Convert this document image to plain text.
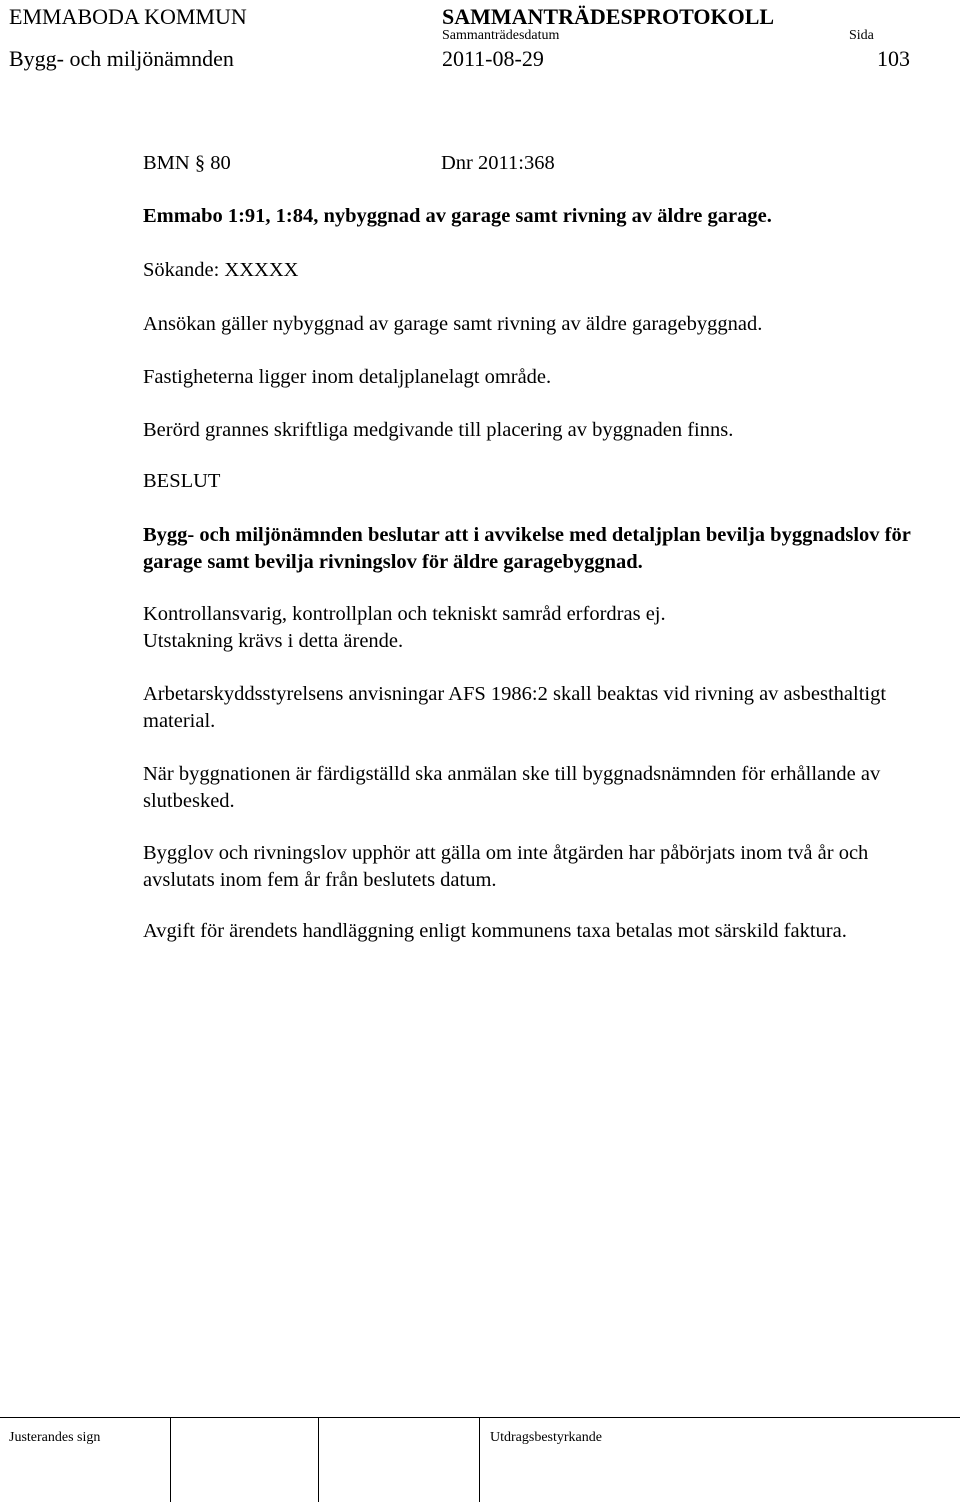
EMMABODA KOMMUN	SAMMANTRÄDESPROTOKOLL
Sammanträdesdatum	Sida
Bygg- och miljönämnden	2011-08-29	103

BMN § 80	Dnr 2011:368

Emmabo 1:91, 1:84, nybyggnad av garage samt rivning av äldre garage.

Sökande: XXXXX

Ansökan gäller nybyggnad av garage samt rivning av äldre garagebyggnad.

Fastigheterna ligger inom detaljplanelagt område.

Berörd grannes skriftliga medgivande till placering av byggnaden finns.

BESLUT

Bygg- och miljönämnden beslutar att i avvikelse med detaljplan bevilja byggnadslov för garage samt bevilja rivningslov för äldre garagebyggnad.

Kontrollansvarig, kontrollplan och tekniskt samråd erfordras ej.

Utstakning krävs i detta ärende.

Arbetarskyddsstyrelsens anvisningar AFS 1986:2 skall beaktas vid rivning av asbesthaltigt material.

När byggnationen är färdigställd ska anmälan ske till byggnadsnämnden för erhållande av slutbesked.

Bygglov och rivningslov upphör att gälla om inte åtgärden har påbörjats inom två år och avslutats inom fem år från beslutets datum.

Avgift för ärendets handläggning enligt kommunens taxa betalas mot särskild faktura.

Justerandes sign	Utdragsbestyrkande
